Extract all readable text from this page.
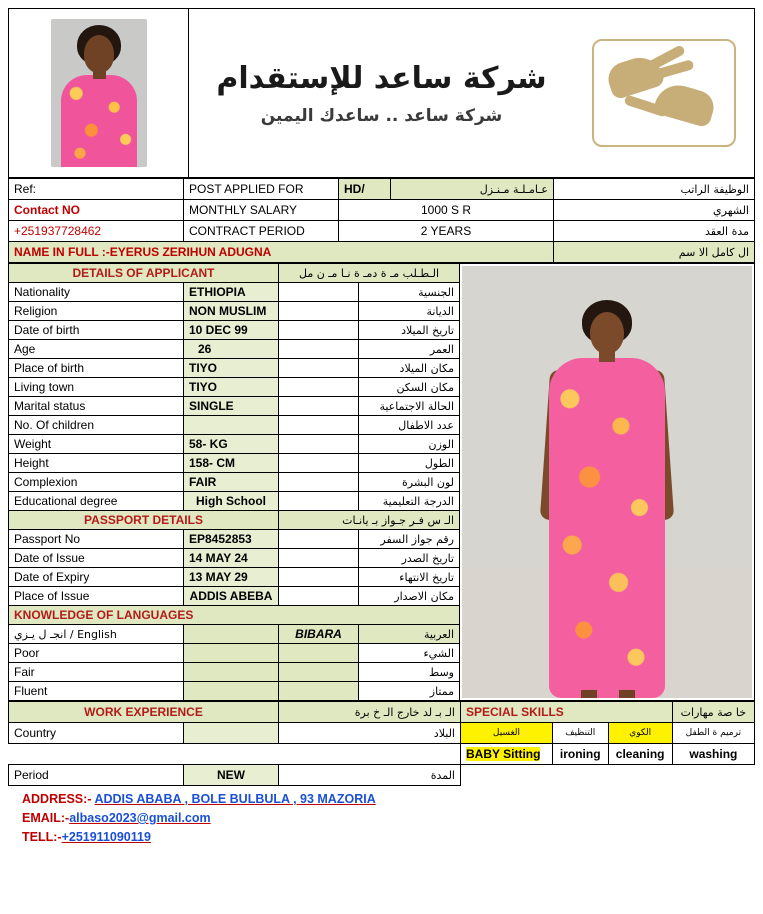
شركة ساعد للإستقدام
شركة ساعد .. ساعدك اليمين
Ref:	POST APPLIED FOR	HD/	عـامـلـة مـنـزل	الوظيفة الراتب
Contact NO	MONTHLY SALARY	1000 S R		الشهري
+251937728462	CONTRACT PERIOD	2 YEARS		مدة العقد
NAME IN FULL :-EYERUS ZERIHUN ADUGNA				ال كامل الا سم
DETAILS OF APPLICANT		الـطـلب مـ ة دمـ ة نـا مـ ن مل	
Nationality	ETHIOPIA		الجنسية
Religion	NON MUSLIM		الديانة
Date of birth	10 DEC 99		تاريخ الميلاد
Age	26		العمر
Place of birth	TIYO		مكان الميلاد
Living town	TIYO		مكان السكن
Marital status	SINGLE		الحالة الاجتماعية
No. Of children			عدد الاطفال
Weight	58- KG		الوزن
Height	158- CM		الطول
Complexion	FAIR		لون البشرة
Educational degree	High School		الدرجة التعليمية
PASSPORT DETAILS		الـ س فـر جـواز بـ يانـات	
Passport No	EP8452853		رقم جواز السفر
Date of Issue	14 MAY 24		تاريخ الصدر
Date of Expiry	13 MAY 29		تاريخ الانتهاء
Place of Issue	ADDIS ABEBA		مكان الاصدار
KNOWLEDGE OF LANGUAGES			
English / انجـ ل يـزي		BIBARA	العربية
Poor			الشيء
Fair			وسط
Fluent			ممتاز
WORK EXPERIENCE		الـ بـ لد خارج الـ خ برة	SPECIAL SKILLS			خا صة مهارات
Country		البلاد	الغسيل	التنظيف	الكوي	ترميم ة الطفل
			BABY Sitting	ironing	cleaning	washing
Period	NEW	المدة				
ADDRESS:- ADDIS ABABA , BOLE BULBULA , 93 MAZORIA
EMAIL:-albaso2023@gmail.com
TELL:-+251911090119
